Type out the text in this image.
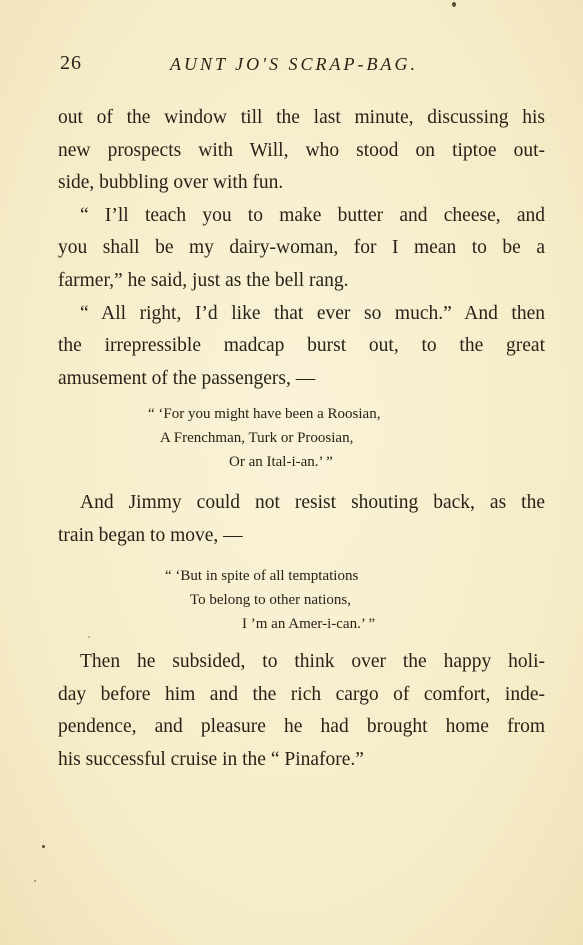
26	AUNT JO'S SCRAP-BAG.

out of the window till the last minute, discussing his
new prospects with Will, who stood on tiptoe out-
side, bubbling over with fun.

“ I’ll teach you to make butter and cheese, and
you shall be my dairy-woman, for I mean to be a
farmer,” he said, just as the bell rang.

“ All right, I’d like that ever so much.” And then
the irrepressible madcap burst out, to the great
amusement of the passengers, —

“ ‘For you might have been a Roosian,
A Frenchman, Turk or Proosian,
Or an Ital-i-an.’ ”

And Jimmy could not resist shouting back, as the
train began to move, —

“ ‘But in spite of all temptations
To belong to other nations,
I ’m an Amer-i-can.’ ”

Then he subsided, to think over the happy holi-
day before him and the rich cargo of comfort, inde-
pendence, and pleasure he had brought home from
his successful cruise in the “ Pinafore.”
